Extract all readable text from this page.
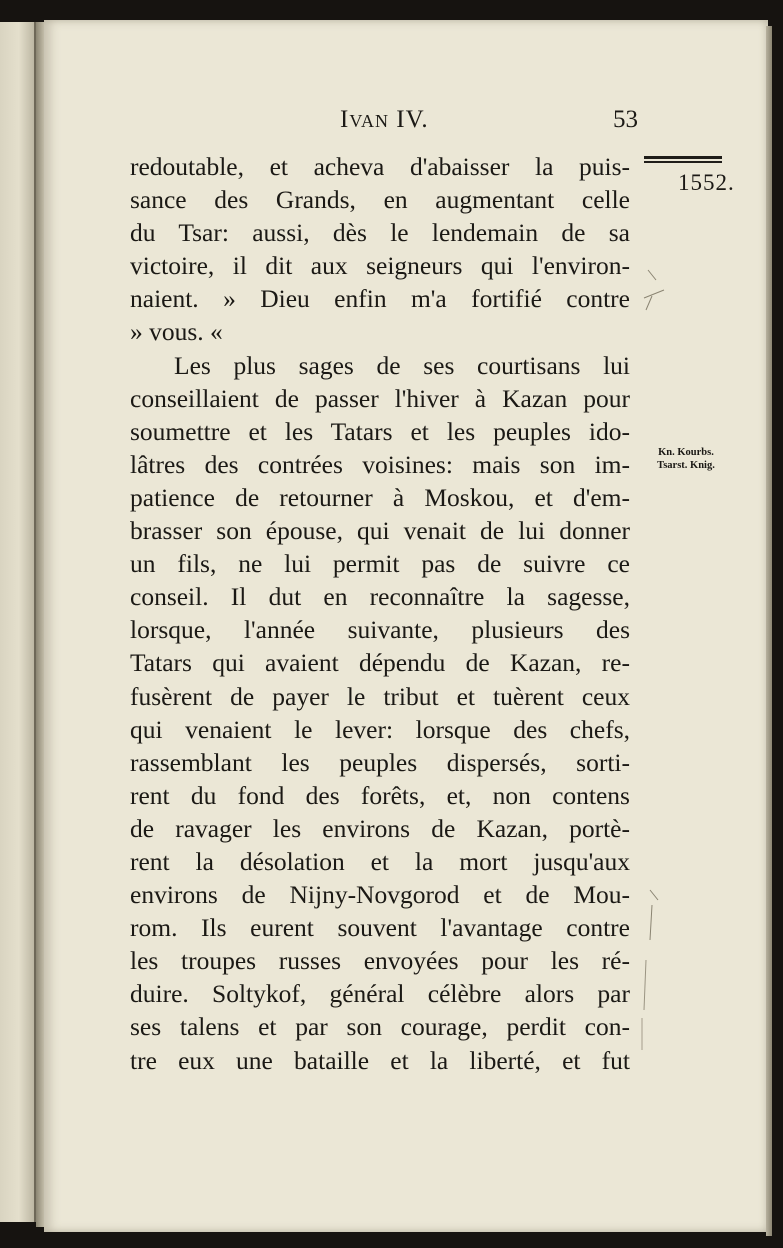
Ivan IV.	53
1552.
Kn. Kourbs.
Tsarst. Knig.
redoutable, et acheva d'abaisser la puis-
sance des Grands, en augmentant celle
du Tsar: aussi, dès le lendemain de sa
victoire, il dit aux seigneurs qui l'environ-
naient. » Dieu enfin m'a fortifié contre
» vous. «
Les plus sages de ses courtisans lui
conseillaient de passer l'hiver à Kazan pour
soumettre et les Tatars et les peuples ido-
lâtres des contrées voisines: mais son im-
patience de retourner à Moskou, et d'em-
brasser son épouse, qui venait de lui donner
un fils, ne lui permit pas de suivre ce
conseil. Il dut en reconnaître la sagesse,
lorsque, l'année suivante, plusieurs des
Tatars qui avaient dépendu de Kazan, re-
fusèrent de payer le tribut et tuèrent ceux
qui venaient le lever: lorsque des chefs,
rassemblant les peuples dispersés, sorti-
rent du fond des forêts, et, non contens
de ravager les environs de Kazan, portè-
rent la désolation et la mort jusqu'aux
environs de Nijny-Novgorod et de Mou-
rom. Ils eurent souvent l'avantage contre
les troupes russes envoyées pour les ré-
duire. Soltykof, général célèbre alors par
ses talens et par son courage, perdit con-
tre eux une bataille et la liberté, et fut
